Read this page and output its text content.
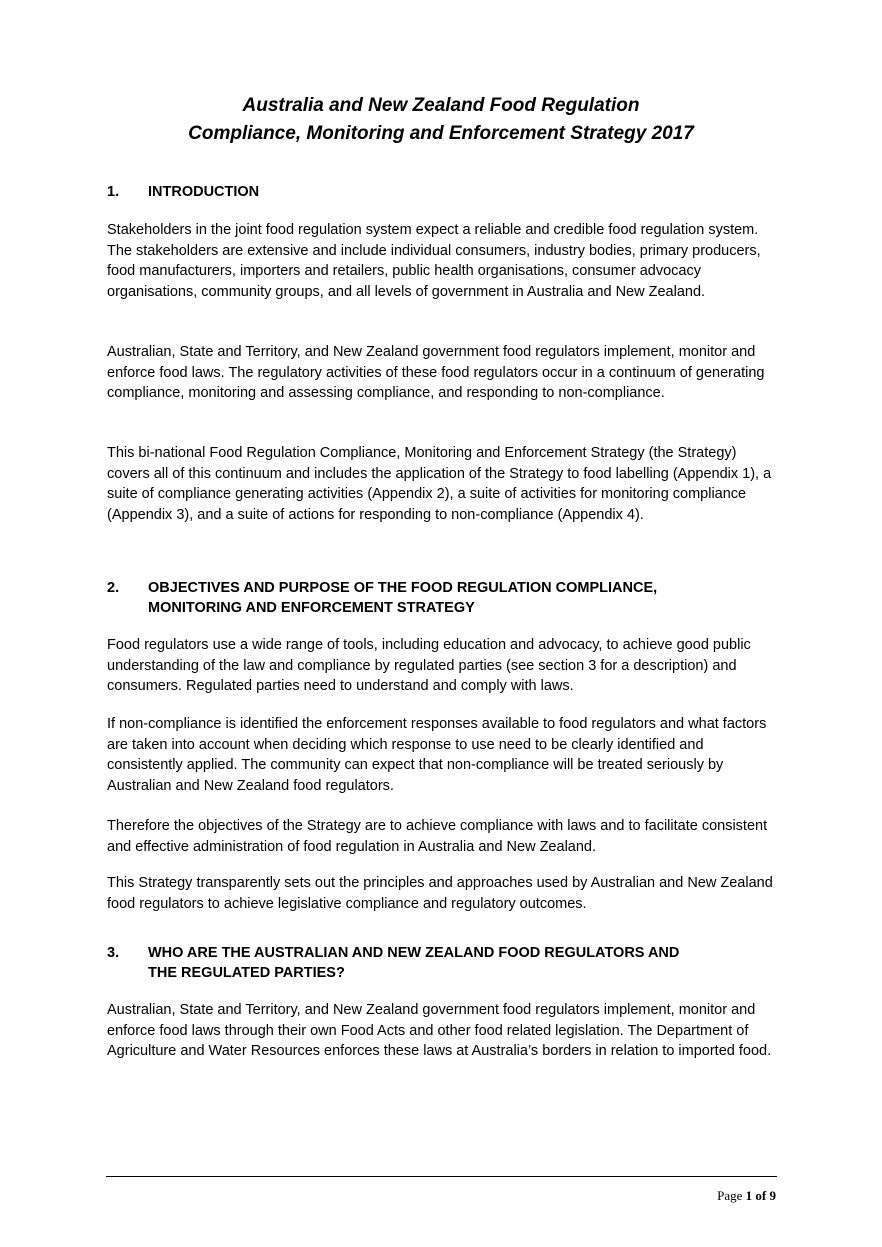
Australia and New Zealand Food Regulation
Compliance, Monitoring and Enforcement Strategy 2017
1. INTRODUCTION

Stakeholders in the joint food regulation system expect a reliable and credible food regulation system. The stakeholders are extensive and include individual consumers, industry bodies, primary producers, food manufacturers, importers and retailers, public health organisations, consumer advocacy organisations, community groups, and all levels of government in Australia and New Zealand.

Australian, State and Territory, and New Zealand government food regulators implement, monitor and enforce food laws. The regulatory activities of these food regulators occur in a continuum of generating compliance, monitoring and assessing compliance, and responding to non-compliance.

This bi-national Food Regulation Compliance, Monitoring and Enforcement Strategy (the Strategy) covers all of this continuum and includes the application of the Strategy to food labelling (Appendix 1), a suite of compliance generating activities (Appendix 2), a suite of activities for monitoring compliance (Appendix 3), and a suite of actions for responding to non-compliance (Appendix 4).

2. OBJECTIVES AND PURPOSE OF THE FOOD REGULATION COMPLIANCE,
MONITORING AND ENFORCEMENT STRATEGY

Food regulators use a wide range of tools, including education and advocacy, to achieve good public understanding of the law and compliance by regulated parties (see section 3 for a description) and consumers. Regulated parties need to understand and comply with laws.

If non-compliance is identified the enforcement responses available to food regulators and what factors are taken into account when deciding which response to use need to be clearly identified and consistently applied. The community can expect that non-compliance will be treated seriously by Australian and New Zealand food regulators.

Therefore the objectives of the Strategy are to achieve compliance with laws and to facilitate consistent and effective administration of food regulation in Australia and New Zealand.

This Strategy transparently sets out the principles and approaches used by Australian and New Zealand food regulators to achieve legislative compliance and regulatory outcomes.

3. WHO ARE THE AUSTRALIAN AND NEW ZEALAND FOOD REGULATORS AND
THE REGULATED PARTIES?

Australian, State and Territory, and New Zealand government food regulators implement, monitor and enforce food laws through their own Food Acts and other food related legislation. The Department of Agriculture and Water Resources enforces these laws at Australia’s borders in relation to imported food.

Page 1 of 9
